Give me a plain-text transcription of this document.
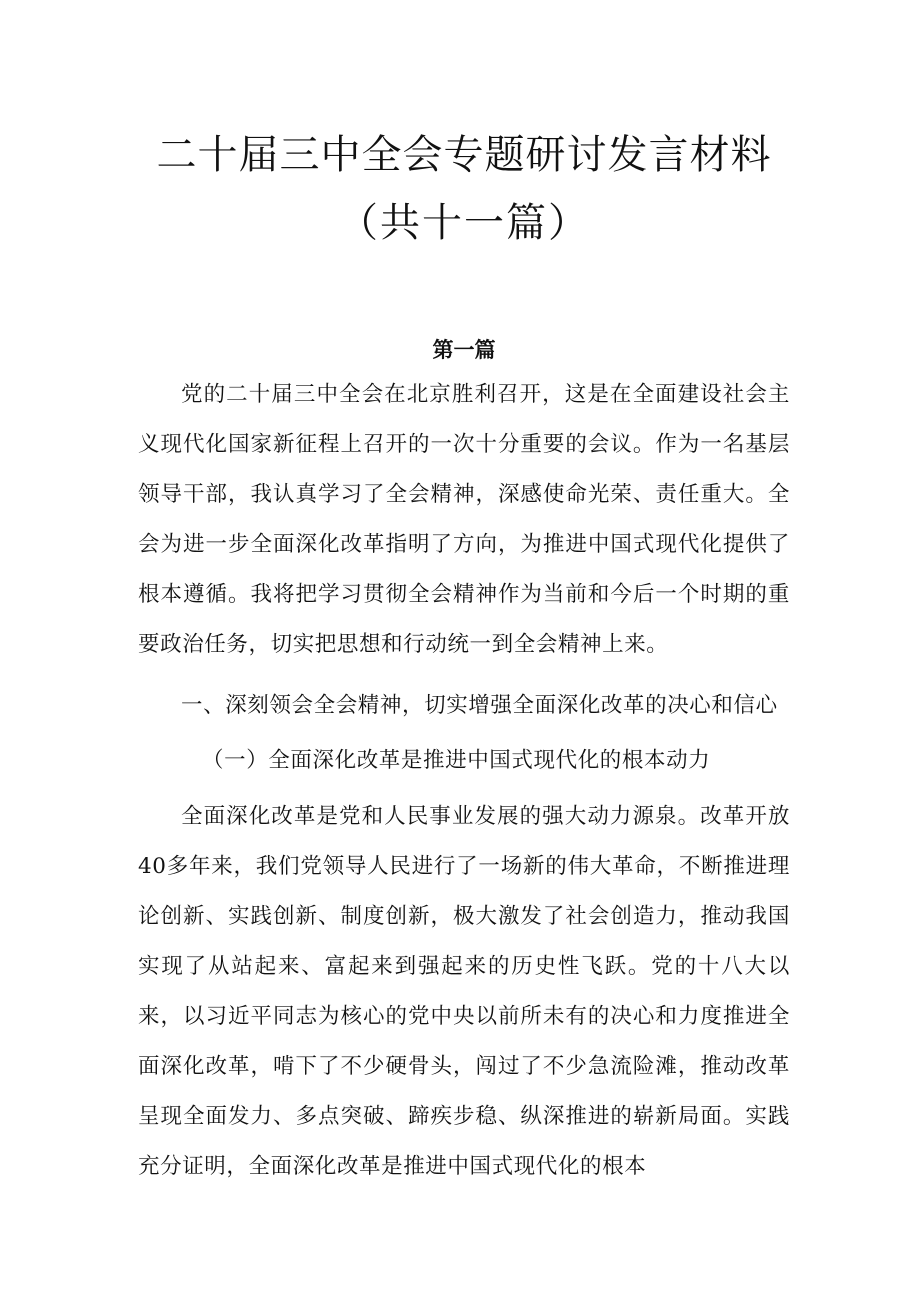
二十届三中全会专题研讨发言材料
（共十一篇）
第一篇

党的二十届三中全会在北京胜利召开，这是在全面建设社会主义现代化国家新征程上召开的一次十分重要的会议。作为一名基层领导干部，我认真学习了全会精神，深感使命光荣、责任重大。全会为进一步全面深化改革指明了方向，为推进中国式现代化提供了根本遵循。我将把学习贯彻全会精神作为当前和今后一个时期的重要政治任务，切实把思想和行动统一到全会精神上来。

一、深刻领会全会精神，切实增强全面深化改革的决心和信心

（一）全面深化改革是推进中国式现代化的根本动力

全面深化改革是党和人民事业发展的强大动力源泉。改革开放40多年来，我们党领导人民进行了一场新的伟大革命，不断推进理论创新、实践创新、制度创新，极大激发了社会创造力，推动我国实现了从站起来、富起来到强起来的历史性飞跃。党的十八大以来，以习近平同志为核心的党中央以前所未有的决心和力度推进全面深化改革，啃下了不少硬骨头，闯过了不少急流险滩，推动改革呈现全面发力、多点突破、蹄疾步稳、纵深推进的崭新局面。实践充分证明，全面深化改革是推进中国式现代化的根本
